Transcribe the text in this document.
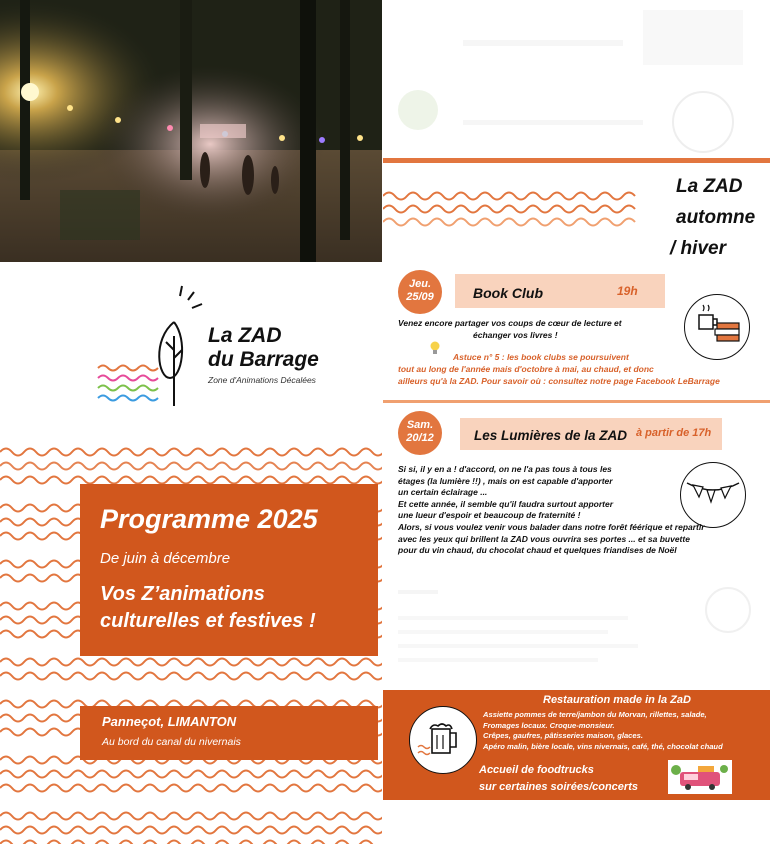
La ZAD
du Barrage
Zone d'Animations Décalées
Programme 2025
De juin à décembre
Vos Z’animations
culturelles et festives !
Panneçot, LIMANTON
Au bord du canal du nivernais
La ZAD
automne
/ hiver
Jeu.
25/09	Book Club	19h
Venez encore partager vos coups de cœur de lecture et
échanger vos livres !
Astuce n° 5 : les book clubs se poursuivent
tout au long de l'année mais d'octobre à mai, au chaud, et donc
ailleurs qu'à la ZAD. Pour savoir où : consultez notre page Facebook LeBarrage
Sam.
20/12	Les Lumières de la ZAD à partir de 17h
Si si, il y en a ! d'accord, on ne l'a pas tous à tous les
étages (la lumière !!) , mais on est capable d'apporter
un certain éclairage ...
Et cette année, il semble qu'il faudra surtout apporter
une lueur d'espoir et beaucoup de fraternité !
Alors, si vous voulez venir vous balader dans notre forêt féérique et repartir
avec les yeux qui brillent la ZAD vous ouvrira ses portes ... et sa buvette
pour du vin chaud, du chocolat chaud et quelques friandises de Noël
Restauration made in la ZaD
Assiette pommes de terre/jambon du Morvan, rillettes, salade,
Fromages locaux. Croque-monsieur.
Crêpes, gaufres, pâtisseries maison, glaces.
Apéro malin, bière locale, vins nivernais, café, thé, chocolat chaud
Accueil de foodtrucks
sur certaines soirées/concerts
